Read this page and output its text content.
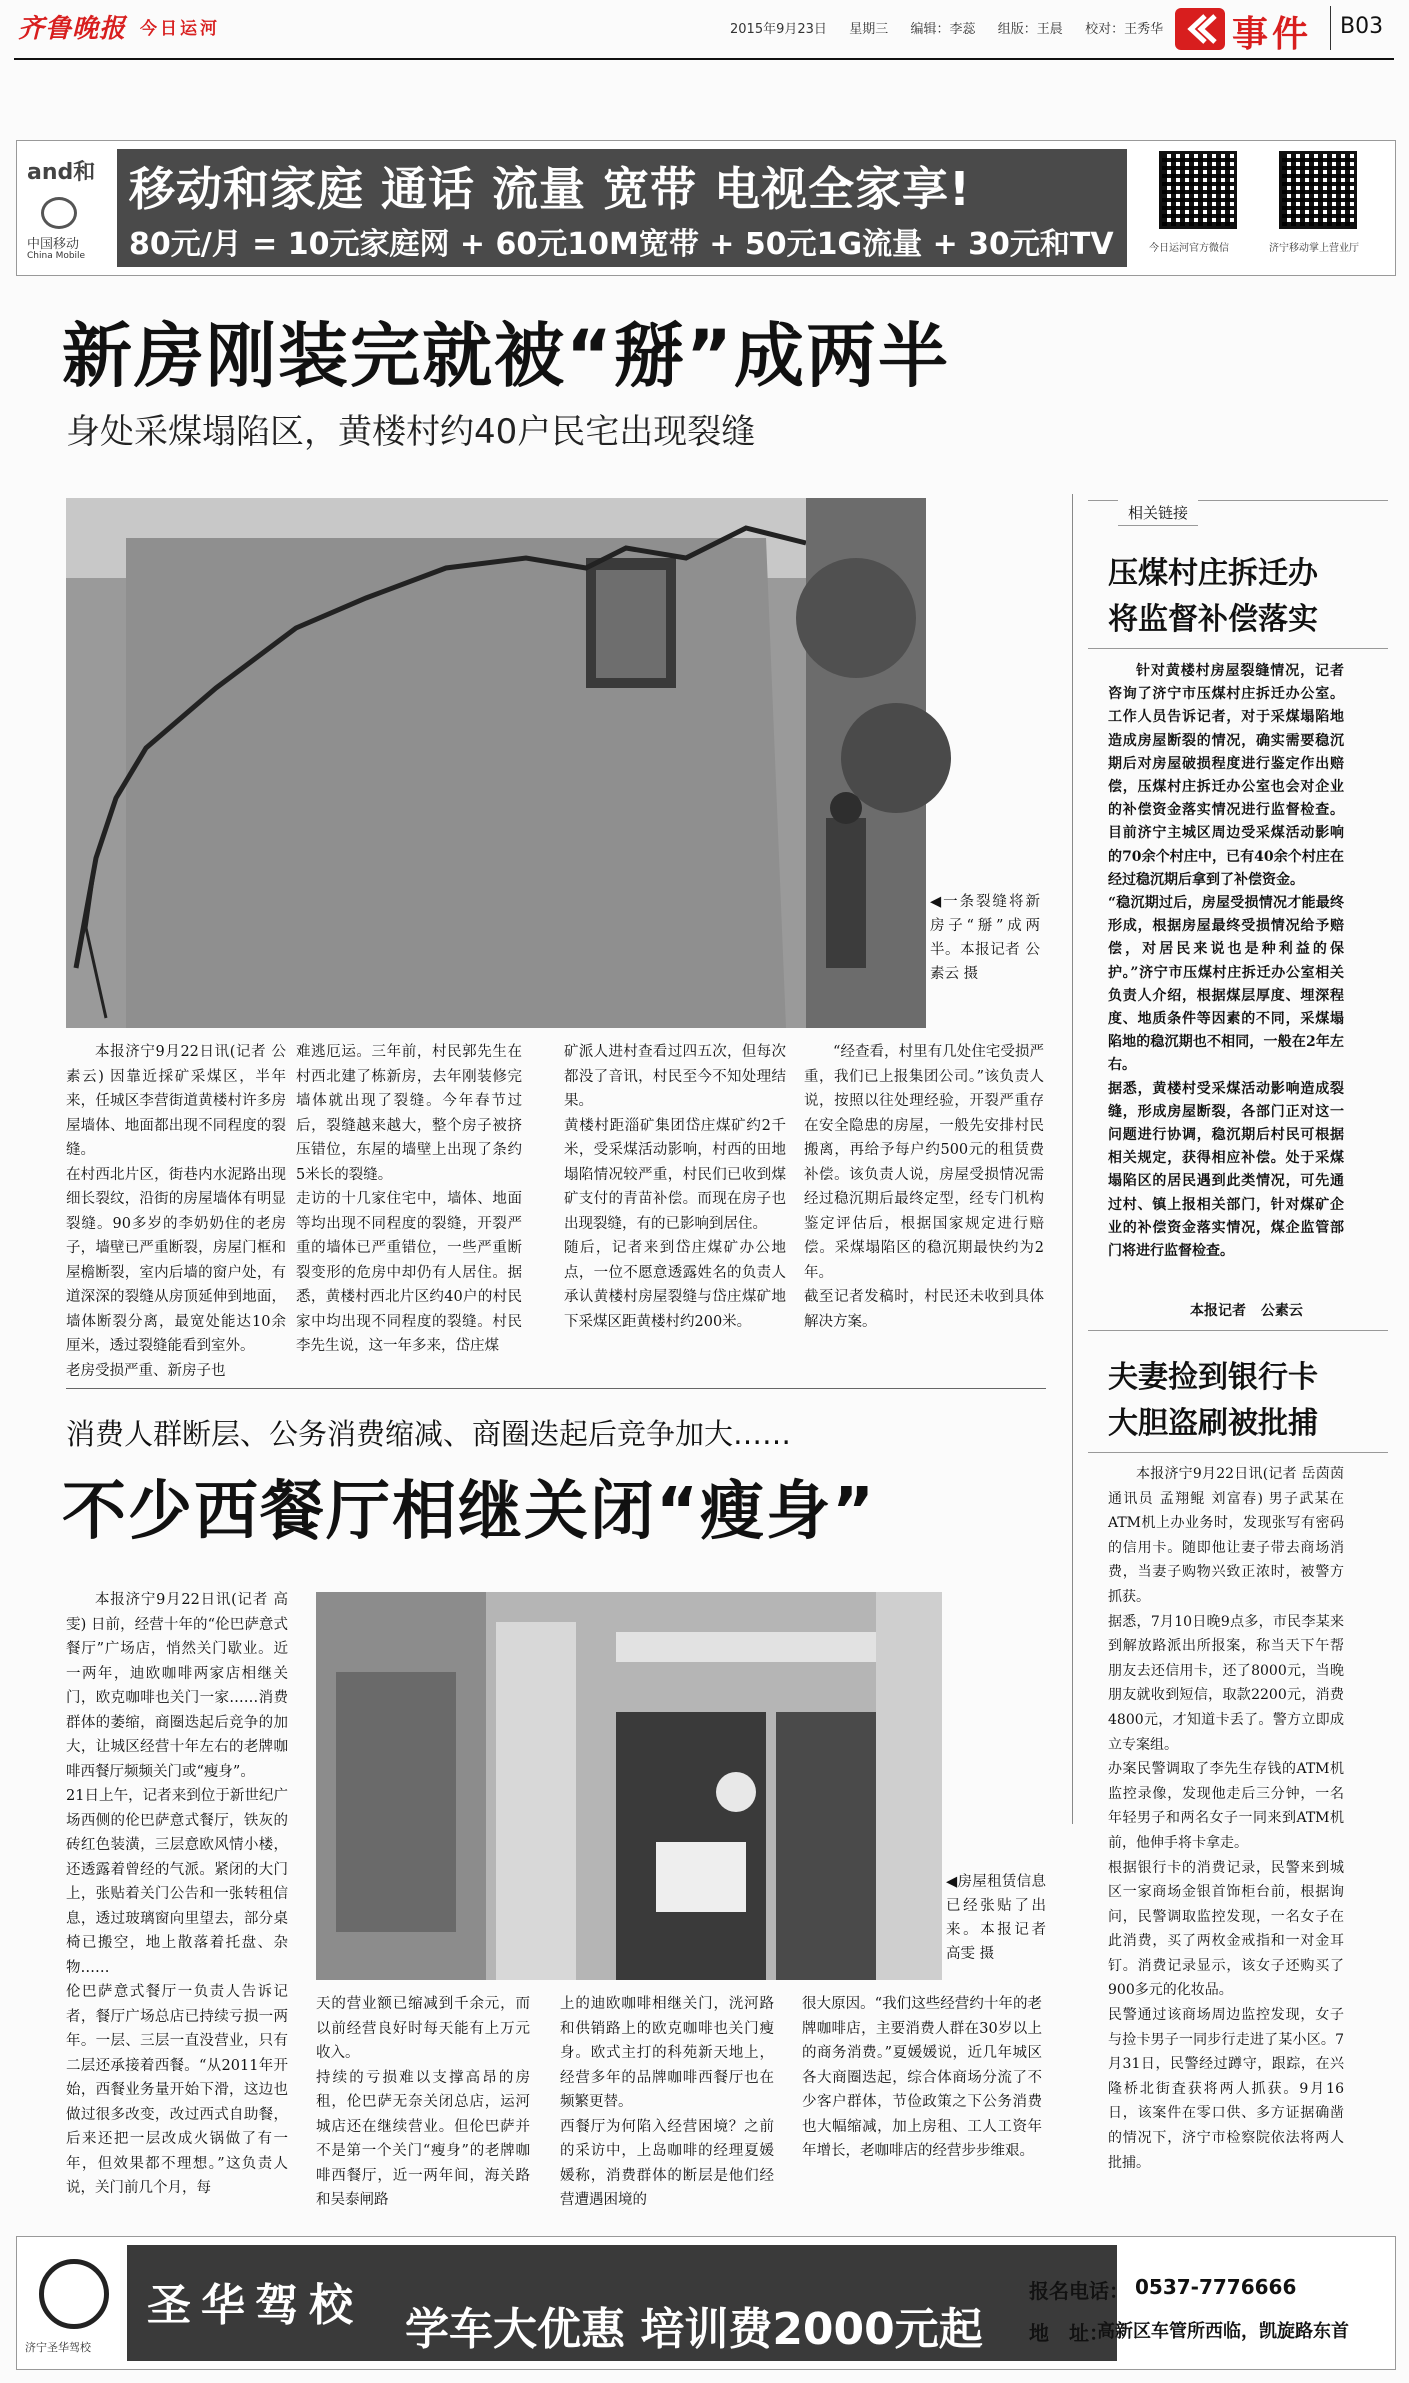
齐鲁晚报 今日运河	2015年9月23日 星期三 编辑：李蕊 组版：王晨 校对：王秀华 事件 B03
and和
中国移动
China Mobile
移动和家庭 通话 流量 宽带 电视全家享!
80元/月 = 10元家庭网 + 60元10M宽带 + 50元1G流量 + 30元和TV	今日运河官方微信	济宁移动掌上营业厅
新房刚装完就被“掰”成两半
身处采煤塌陷区，黄楼村约40户民宅出现裂缝
◀一条裂缝将新房子“掰”成两半。本报记者 公素云 摄
本报济宁9月22日讯(记者 公素云) 因靠近採矿采煤区，半年来，任城区李营街道黄楼村许多房屋墙体、地面都出现不同程度的裂缝。
在村西北片区，街巷内水泥路出现细长裂纹，沿街的房屋墙体有明显裂缝。90多岁的李奶奶住的老房子，墙壁已严重断裂，房屋门框和屋檐断裂，室内后墙的窗户处，有道深深的裂缝从房顶延伸到地面，墙体断裂分离，最宽处能达10余厘米，透过裂缝能看到室外。
老房受损严重、新房子也
难逃厄运。三年前，村民郭先生在村西北建了栋新房，去年刚装修完墙体就出现了裂缝。今年春节过后，裂缝越来越大，整个房子被挤压错位，东屋的墙壁上出现了条约5米长的裂缝。
走访的十几家住宅中，墙体、地面等均出现不同程度的裂缝，开裂严重的墙体已严重错位，一些严重断裂变形的危房中却仍有人居住。据悉，黄楼村西北片区约40户的村民家中均出现不同程度的裂缝。村民李先生说，这一年多来，岱庄煤
矿派人进村查看过四五次，但每次都没了音讯，村民至今不知处理结果。
黄楼村距淄矿集团岱庄煤矿约2千米，受采煤活动影响，村西的田地塌陷情况较严重，村民们已收到煤矿支付的青苗补偿。而现在房子也出现裂缝，有的已影响到居住。
随后，记者来到岱庄煤矿办公地点，一位不愿意透露姓名的负责人承认黄楼村房屋裂缝与岱庄煤矿地下采煤区距黄楼村约200米。
“经查看，村里有几处住宅受损严重，我们已上报集团公司。”该负责人说，按照以往处理经验，开裂严重存在安全隐患的房屋，一般先安排村民搬离，再给予每户约500元的租赁费补偿。该负责人说，房屋受损情况需经过稳沉期后最终定型，经专门机构鉴定评估后，根据国家规定进行赔偿。采煤塌陷区的稳沉期最快约为2年。
截至记者发稿时，村民还未收到具体解决方案。
相关链接
压煤村庄拆迁办
将监督补偿落实
针对黄楼村房屋裂缝情况，记者咨询了济宁市压煤村庄拆迁办公室。工作人员告诉记者，对于采煤塌陷地造成房屋断裂的情况，确实需要稳沉期后对房屋破损程度进行鉴定作出赔偿，压煤村庄拆迁办公室也会对企业的补偿资金落实情况进行监督检查。目前济宁主城区周边受采煤活动影响的70余个村庄中，已有40余个村庄在经过稳沉期后拿到了补偿资金。
“稳沉期过后，房屋受损情况才能最终形成，根据房屋最终受损情况给予赔偿，对居民来说也是种利益的保护。”济宁市压煤村庄拆迁办公室相关负责人介绍，根据煤层厚度、埋深程度、地质条件等因素的不同，采煤塌陷地的稳沉期也不相同，一般在2年左右。
据悉，黄楼村受采煤活动影响造成裂缝，形成房屋断裂，各部门正对这一问题进行协调，稳沉期后村民可根据相关规定，获得相应补偿。处于采煤塌陷区的居民遇到此类情况，可先通过村、镇上报相关部门，针对煤矿企业的补偿资金落实情况，煤企监管部门将进行监督检查。
本报记者 公素云
夫妻捡到银行卡
大胆盗刷被批捕
本报济宁9月22日讯(记者 岳茵茵 通讯员 孟翔鲲 刘富春) 男子武某在ATM机上办业务时，发现张写有密码的信用卡。随即他让妻子带去商场消费，当妻子购物兴致正浓时，被警方抓获。
据悉，7月10日晚9点多，市民李某来到解放路派出所报案，称当天下午帮朋友去还信用卡，还了8000元，当晚朋友就收到短信，取款2200元，消费4800元，才知道卡丢了。警方立即成立专案组。
办案民警调取了李先生存钱的ATM机监控录像，发现他走后三分钟，一名年轻男子和两名女子一同来到ATM机前，他伸手将卡拿走。
根据银行卡的消费记录，民警来到城区一家商场金银首饰柜台前，根据询问，民警调取监控发现，一名女子在此消费，买了两枚金戒指和一对金耳钉。消费记录显示，该女子还购买了900多元的化妆品。
民警通过该商场周边监控发现，女子与捡卡男子一同步行走进了某小区。7月31日，民警经过蹲守，跟踪，在兴隆桥北街査获将两人抓获。9月16日，该案件在零口供、多方证据确凿的情况下，济宁市检察院依法将两人批捕。
消费人群断层、公务消费缩减、商圈迭起后竞争加大……
不少西餐厅相继关闭“瘦身”
本报济宁9月22日讯(记者 高雯) 日前，经营十年的“伦巴萨意式餐厅”广场店，悄然关门歇业。近一两年，迪欧咖啡两家店相继关门，欧克咖啡也关门一家……消费群体的萎缩，商圈迭起后竞争的加大，让城区经营十年左右的老牌咖啡西餐厅频频关门或“瘦身”。
21日上午，记者来到位于新世纪广场西侧的伦巴萨意式餐厅，铁灰的砖红色装潢，三层意欧风情小楼，还透露着曾经的气派。紧闭的大门上，张贴着关门公告和一张转租信息，透过玻璃窗向里望去，部分桌椅已搬空，地上散落着托盘、杂物……
伦巴萨意式餐厅一负责人告诉记者，餐厅广场总店已持续亏损一两年。一层、三层一直没营业，只有二层还承接着西餐。“从2011年开始，西餐业务量开始下滑，这边也做过很多改变，改过西式自助餐，后来还把一层改成火锅做了有一年，但效果都不理想。”这负责人说，关门前几个月，每
◀房屋租赁信息已经张贴了出来。本报记者 高雯 摄
天的营业额已缩减到千余元，而以前经营良好时每天能有上万元收入。
持续的亏损难以支撑高昂的房租，伦巴萨无奈关闭总店，运河城店还在继续营业。但伦巴萨并不是第一个关门“瘦身”的老牌咖啡西餐厅，近一两年间，海关路和吴泰闸路
上的迪欧咖啡相继关门，洸河路和供销路上的欧克咖啡也关门瘦身。欧式主打的科苑新天地上，经营多年的品牌咖啡西餐厅也在频繁更替。
西餐厅为何陷入经营困境？之前的采访中，上岛咖啡的经理夏媛媛称，消费群体的断层是他们经营遭遇困境的
很大原因。“我们这些经营约十年的老牌咖啡店，主要消费人群在30岁以上的商务消费。”夏媛媛说，近几年城区各大商圈迭起，综合体商场分流了不少客户群体，节俭政策之下公务消费也大幅缩减，加上房租、工人工资年年增长，老咖啡店的经营步步维艰。
济宁圣华驾校
圣华驾校 学车大优惠 培训费2000元起
报名电话： 0537-7776666
地　址：
高新区车管所西临，凯旋路东首
